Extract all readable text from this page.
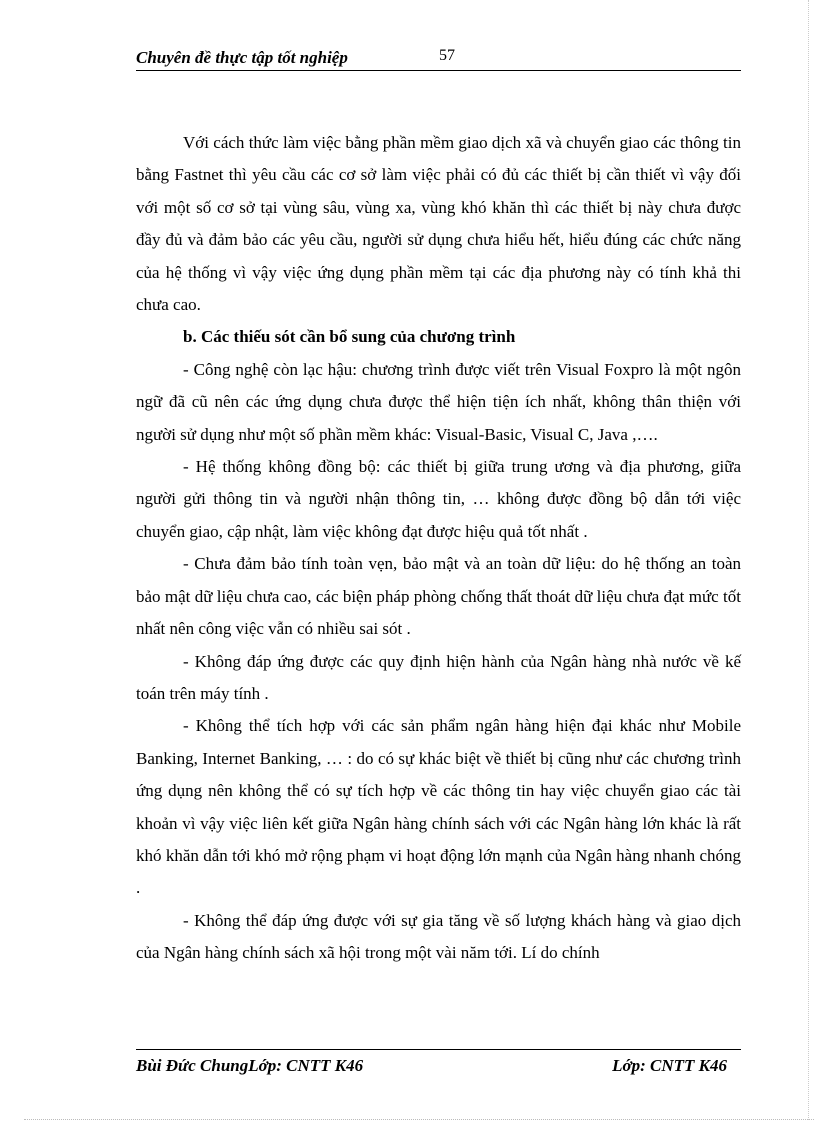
Chuyên đề thực tập tốt nghiệp	57

Với cách thức làm việc bằng phần mềm giao dịch xã và chuyển giao các thông tin bằng Fastnet thì yêu cầu các cơ sở làm việc phải có đủ các thiết bị cần thiết vì vậy đối với một số cơ sở tại vùng sâu, vùng xa, vùng khó khăn thì các thiết bị này chưa được đầy đủ và đảm bảo các yêu cầu, người sử dụng chưa hiểu hết, hiểu đúng các chức năng của hệ thống vì vậy việc ứng dụng phần mềm tại các địa phương này có tính khả thi chưa cao.

b. Các thiếu sót cần bổ sung của chương trình

- Công nghệ còn lạc hậu: chương trình được viết trên Visual Foxpro là một ngôn ngữ đã cũ nên các ứng dụng chưa được thể hiện tiện ích nhất, không thân thiện với người sử dụng như một số phần mềm khác: Visual-Basic, Visual C, Java ,….

- Hệ thống không đồng bộ: các thiết bị giữa trung ương và địa phương, giữa người gửi thông tin và người nhận thông tin, … không được đồng bộ dẫn tới việc chuyển giao, cập nhật, làm việc không đạt được hiệu quả tốt nhất .

- Chưa đảm bảo tính toàn vẹn, bảo mật và an toàn dữ liệu: do hệ thống an toàn bảo mật dữ liệu chưa cao, các biện pháp phòng chống thất thoát dữ liệu chưa đạt mức tốt nhất nên công việc vẫn có nhiều sai sót .

- Không đáp ứng được các quy định hiện hành của Ngân hàng nhà nước về kế toán trên máy tính .

- Không thể tích hợp với các sản phẩm ngân hàng hiện đại khác như Mobile Banking, Internet Banking, … : do có sự khác biệt về thiết bị cũng như các chương trình ứng dụng nên không thể có sự tích hợp về các thông tin hay việc chuyển giao các tài khoản vì vậy việc liên kết giữa Ngân hàng chính sách với các Ngân hàng lớn khác là rất khó khăn dẫn tới khó mở rộng phạm vi hoạt động lớn mạnh của Ngân hàng nhanh chóng .

- Không thể đáp ứng được với sự gia tăng về số lượng khách hàng và giao dịch của Ngân hàng chính sách xã hội trong một vài năm tới. Lí do chính

Bùi Đức ChungLớp: CNTT K46	Lớp: CNTT K46
